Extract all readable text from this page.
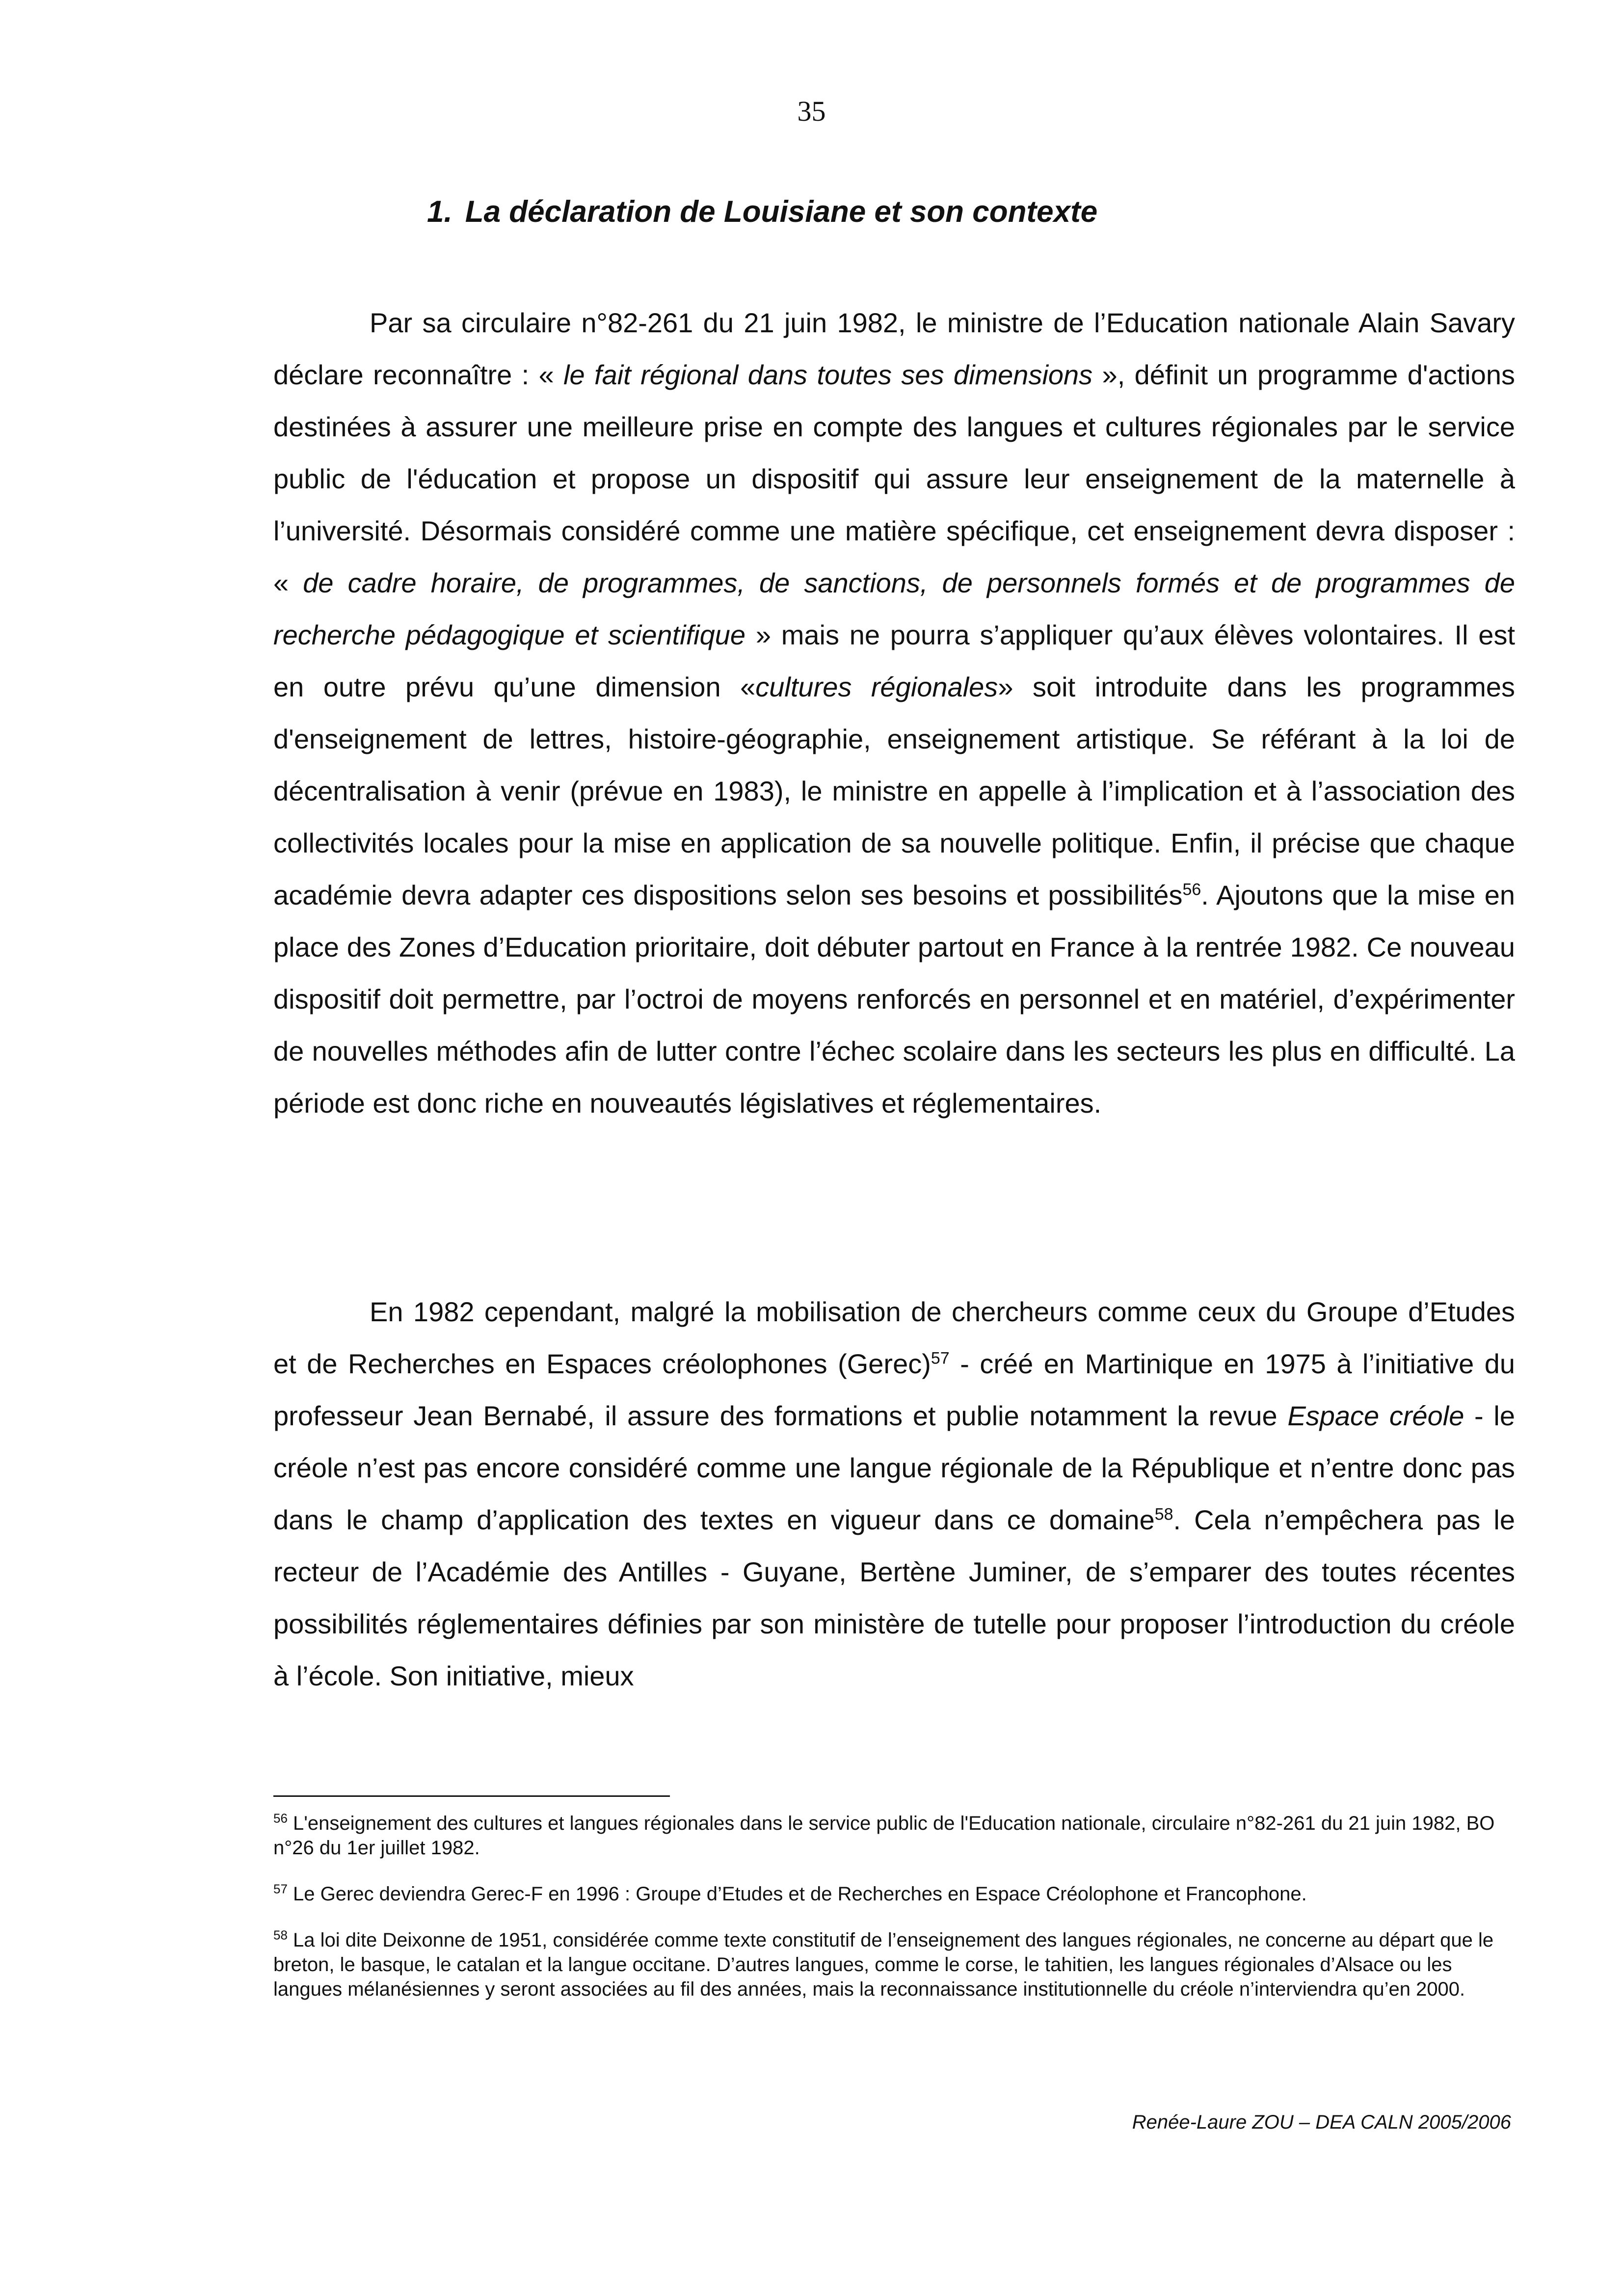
35
1. La déclaration de Louisiane et son contexte

Par sa circulaire n°82-261 du 21 juin 1982, le ministre de l’Education nationale Alain Savary déclare reconnaître : « le fait régional dans toutes ses dimensions », définit un programme d'actions destinées à assurer une meilleure prise en compte des langues et cultures régionales par le service public de l'éducation et propose un dispositif qui assure leur enseignement de la maternelle à l’université. Désormais considéré comme une matière spécifique, cet enseignement devra disposer : « de cadre horaire, de programmes, de sanctions, de personnels formés et de programmes de recherche pédagogique et scientifique » mais ne pourra s’appliquer qu’aux élèves volontaires. Il est en outre prévu qu’une dimension «cultures régionales» soit introduite dans les programmes d'enseignement de lettres, histoire-géographie, enseignement artistique. Se référant à la loi de décentralisation à venir (prévue en 1983), le ministre en appelle à l’implication et à l’association des collectivités locales pour la mise en application de sa nouvelle politique. Enfin, il précise que chaque académie devra adapter ces dispositions selon ses besoins et possibilités$^{56}$. Ajoutons que la mise en place des Zones d’Education prioritaire, doit débuter partout en France à la rentrée 1982. Ce nouveau dispositif doit permettre, par l’octroi de moyens renforcés en personnel et en matériel, d’expérimenter de nouvelles méthodes afin de lutter contre l’échec scolaire dans les secteurs les plus en difficulté. La période est donc riche en nouveautés législatives et réglementaires.

En 1982 cependant, malgré la mobilisation de chercheurs comme ceux du Groupe d’Etudes et de Recherches en Espaces créolophones (Gerec)$^{57}$ - créé en Martinique en 1975 à l’initiative du professeur Jean Bernabé, il assure des formations et publie notamment la revue Espace créole - le créole n’est pas encore considéré comme une langue régionale de la République et n’entre donc pas dans le champ d’application des textes en vigueur dans ce domaine$^{58}$. Cela n’empêchera pas le recteur de l’Académie des Antilles - Guyane, Bertène Juminer, de s’emparer des toutes récentes possibilités réglementaires définies par son ministère de tutelle pour proposer l’introduction du créole à l’école. Son initiative, mieux

$^{56}$ L'enseignement des cultures et langues régionales dans le service public de l'Education nationale, circulaire n°82-261 du 21 juin 1982, BO n°26 du 1er juillet 1982.

$^{57}$ Le Gerec deviendra Gerec-F en 1996 : Groupe d’Etudes et de Recherches en Espace Créolophone et Francophone.

$^{58}$ La loi dite Deixonne de 1951, considérée comme texte constitutif de l’enseignement des langues régionales, ne concerne au départ que le breton, le basque, le catalan et la langue occitane. D’autres langues, comme le corse, le tahitien, les langues régionales d’Alsace ou les langues mélanésiennes y seront associées au fil des années, mais la reconnaissance institutionnelle du créole n’interviendra qu’en 2000.

Renée-Laure ZOU – DEA CALN 2005/2006
